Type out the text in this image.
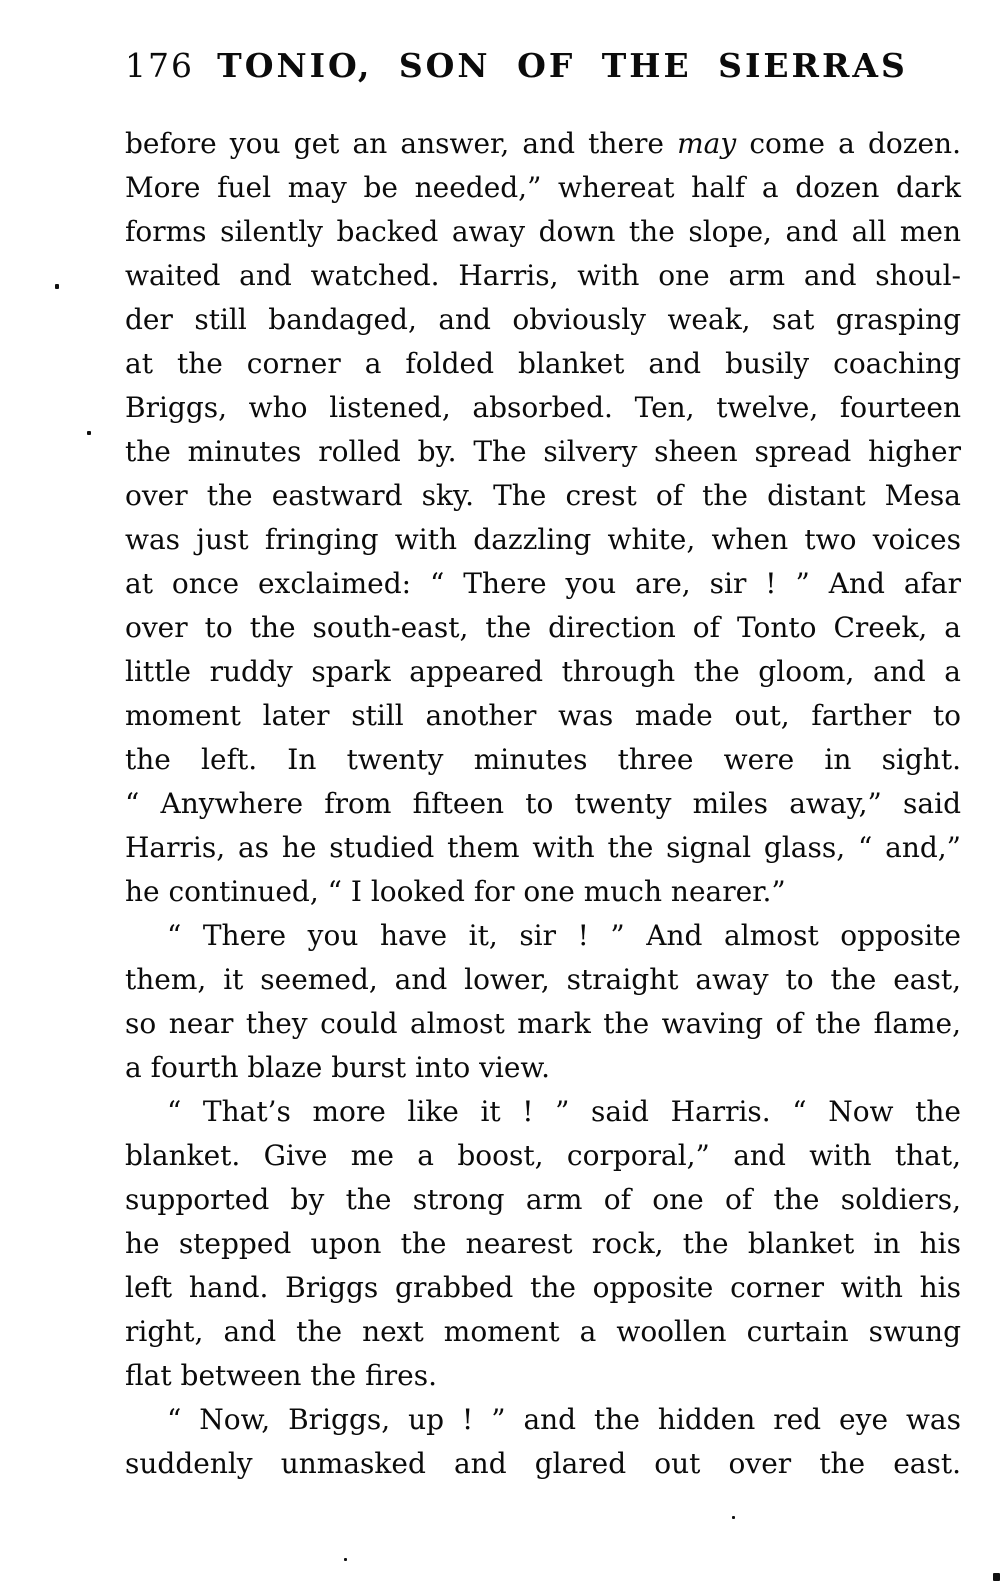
176 TONIO, SON OF THE SIERRAS
before you get an answer, and there may come a dozen.
More fuel may be needed,” whereat half a dozen dark
forms silently backed away down the slope, and all men
waited and watched. Harris, with one arm and shoul-
der still bandaged, and obviously weak, sat grasping
at the corner a folded blanket and busily coaching
Briggs, who listened, absorbed. Ten, twelve, fourteen
the minutes rolled by. The silvery sheen spread higher
over the eastward sky. The crest of the distant Mesa
was just fringing with dazzling white, when two voices
at once exclaimed: “ There you are, sir ! ” And afar
over to the south-east, the direction of Tonto Creek, a
little ruddy spark appeared through the gloom, and a
moment later still another was made out, farther to
the left. In twenty minutes three were in sight.
“ Anywhere from fifteen to twenty miles away,” said
Harris, as he studied them with the signal glass, “ and,”
he continued, “ I looked for one much nearer.”
“ There you have it, sir ! ” And almost opposite
them, it seemed, and lower, straight away to the east,
so near they could almost mark the waving of the flame,
a fourth blaze burst into view.
“ That’s more like it ! ” said Harris. “ Now the
blanket. Give me a boost, corporal,” and with that,
supported by the strong arm of one of the soldiers,
he stepped upon the nearest rock, the blanket in his
left hand. Briggs grabbed the opposite corner with his
right, and the next moment a woollen curtain swung
flat between the fires.
“ Now, Briggs, up ! ” and the hidden red eye was
suddenly unmasked and glared out over the east.
